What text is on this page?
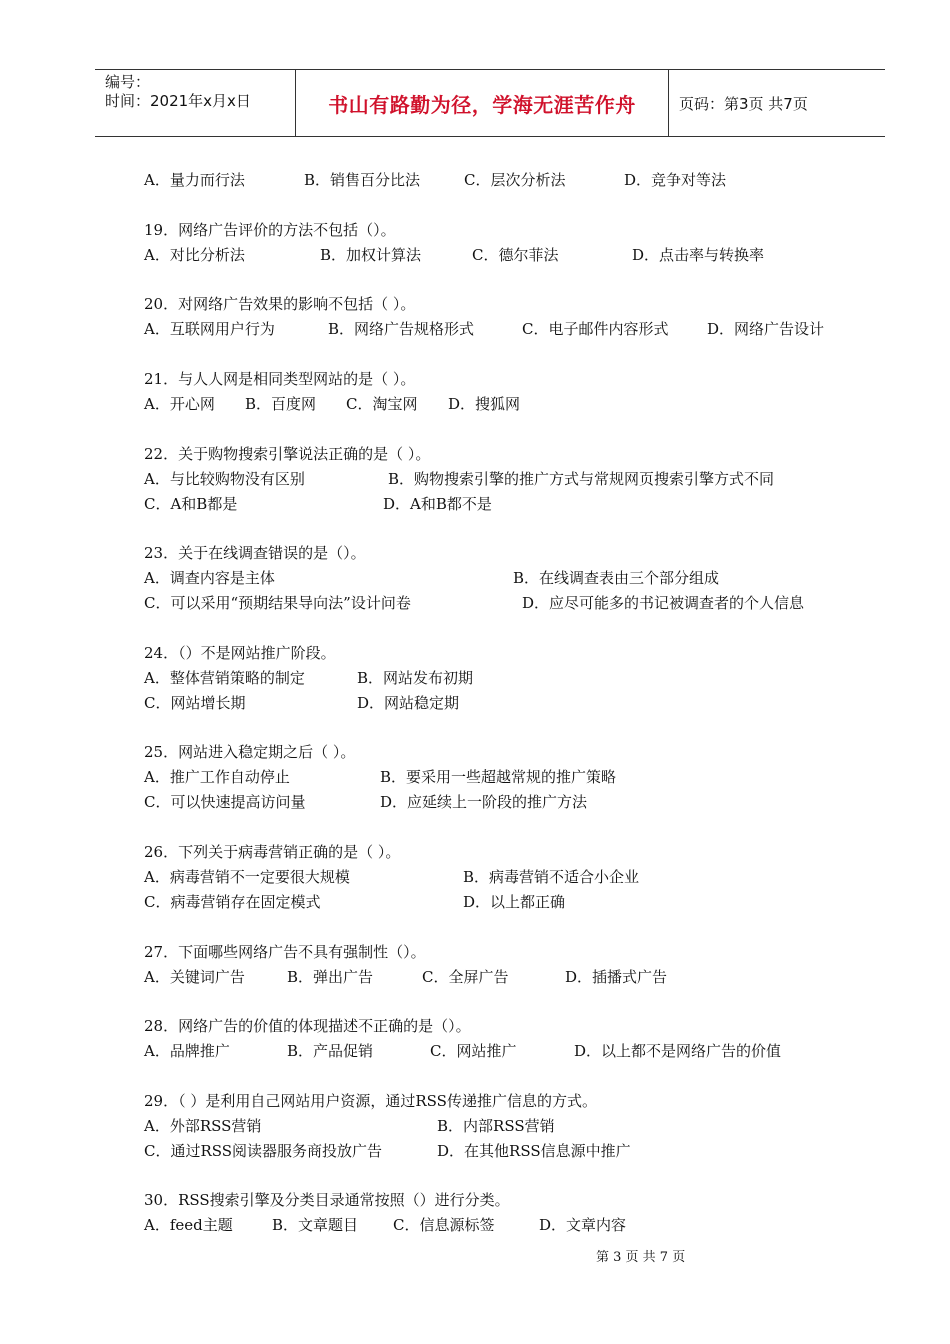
编号：
时间：2021年x月x日	书山有路勤为径，学海无涯苦作舟	页码：第3页 共7页
A．量力而行法	B．销售百分比法	C．层次分析法	D．竞争对等法
19．网络广告评价的方法不包括（）。
A．对比分析法	B．加权计算法	C．德尔菲法	D．点击率与转换率
20．对网络广告效果的影响不包括（ ）。
A．互联网用户行为	B．网络广告规格形式	C．电子邮件内容形式	D．网络广告设计
21．与人人网是相同类型网站的是（ ）。
A．开心网 B．百度网 C．淘宝网 D．搜狐网
22．关于购物搜索引擎说法正确的是（ ）。
A．与比较购物没有区别	B．购物搜索引擎的推广方式与常规网页搜索引擎方式不同
C．A和B都是	D．A和B都不是
23．关于在线调查错误的是（）。
A．调查内容是主体	B．在线调查表由三个部分组成
C．可以采用“预期结果导向法”设计问卷	D．应尽可能多的书记被调查者的个人信息
24．（）不是网站推广阶段。
A．整体营销策略的制定	B．网站发布初期
C．网站增长期	D．网站稳定期
25．网站进入稳定期之后（ ）。
A．推广工作自动停止	B．要采用一些超越常规的推广策略
C．可以快速提高访问量	D．应延续上一阶段的推广方法
26．下列关于病毒营销正确的是（ ）。
A．病毒营销不一定要很大规模	B．病毒营销不适合小企业
C．病毒营销存在固定模式	D．以上都正确
27．下面哪些网络广告不具有强制性（）。
A．关键词广告	B．弹出广告	C．全屏广告	D．插播式广告
28．网络广告的价值的体现描述不正确的是（）。
A．品牌推广	B．产品促销	C．网站推广	D．以上都不是网络广告的价值
29．（ ）是利用自己网站用户资源，通过RSS传递推广信息的方式。
A．外部RSS营销	B．内部RSS营销
C．通过RSS阅读器服务商投放广告	D．在其他RSS信息源中推广
30．RSS搜索引擎及分类目录通常按照（）进行分类。
A．feed主题	B．文章题目 C．信息源标签	D．文章内容
第 3 页 共 7 页
